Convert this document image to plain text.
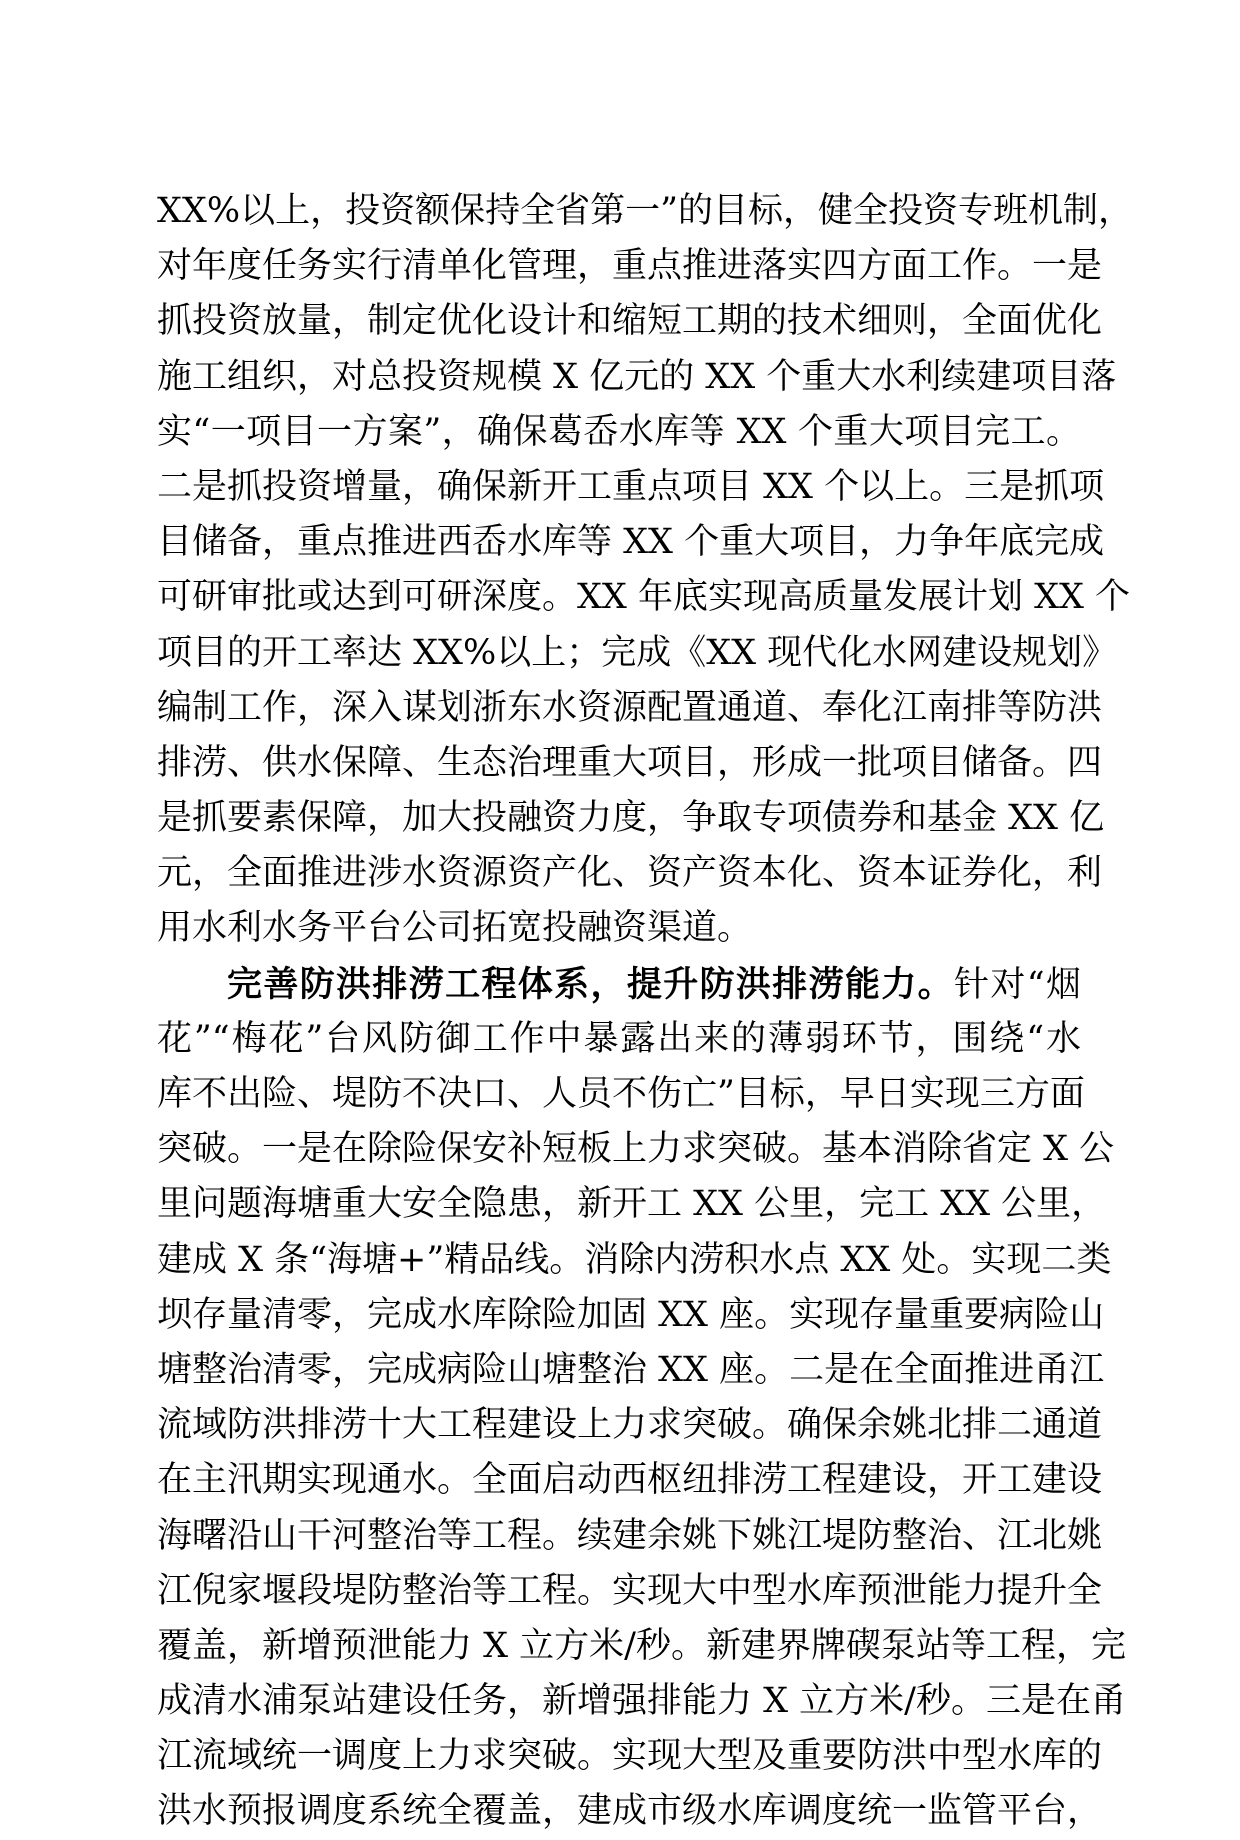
XX%以上，投资额保持全省第一”的目标，健全投资专班机制，
对年度任务实行清单化管理，重点推进落实四方面工作。一是
抓投资放量，制定优化设计和缩短工期的技术细则，全面优化
施工组织，对总投资规模 X 亿元的 XX 个重大水利续建项目落
实“一项目一方案”，确保葛岙水库等 XX 个重大项目完工。
二是抓投资增量，确保新开工重点项目 XX 个以上。三是抓项
目储备，重点推进西岙水库等 XX 个重大项目，力争年底完成
可研审批或达到可研深度。XX 年底实现高质量发展计划 XX 个
项目的开工率达 XX%以上；完成《XX 现代化水网建设规划》
编制工作，深入谋划浙东水资源配置通道、奉化江南排等防洪
排涝、供水保障、生态治理重大项目，形成一批项目储备。四
是抓要素保障，加大投融资力度，争取专项债券和基金 XX 亿
元，全面推进涉水资源资产化、资产资本化、资本证券化，利
用水利水务平台公司拓宽投融资渠道。
完善防洪排涝工程体系，提升防洪排涝能力。针对“烟
花”“梅花”台风防御工作中暴露出来的薄弱环节，围绕“水
库不出险、堤防不决口、人员不伤亡”目标，早日实现三方面
突破。一是在除险保安补短板上力求突破。基本消除省定 X 公
里问题海塘重大安全隐患，新开工 XX 公里，完工 XX 公里，
建成 X 条“海塘+”精品线。消除内涝积水点 XX 处。实现二类
坝存量清零，完成水库除险加固 XX 座。实现存量重要病险山
塘整治清零，完成病险山塘整治 XX 座。二是在全面推进甬江
流域防洪排涝十大工程建设上力求突破。确保余姚北排二通道
在主汛期实现通水。全面启动西枢纽排涝工程建设，开工建设
海曙沿山干河整治等工程。续建余姚下姚江堤防整治、江北姚
江倪家堰段堤防整治等工程。实现大中型水库预泄能力提升全
覆盖，新增预泄能力 X 立方米/秒。新建界牌碶泵站等工程，完
成清水浦泵站建设任务，新增强排能力 X 立方米/秒。三是在甬
江流域统一调度上力求突破。实现大型及重要防洪中型水库的
洪水预报调度系统全覆盖，建成市级水库调度统一监管平台，
